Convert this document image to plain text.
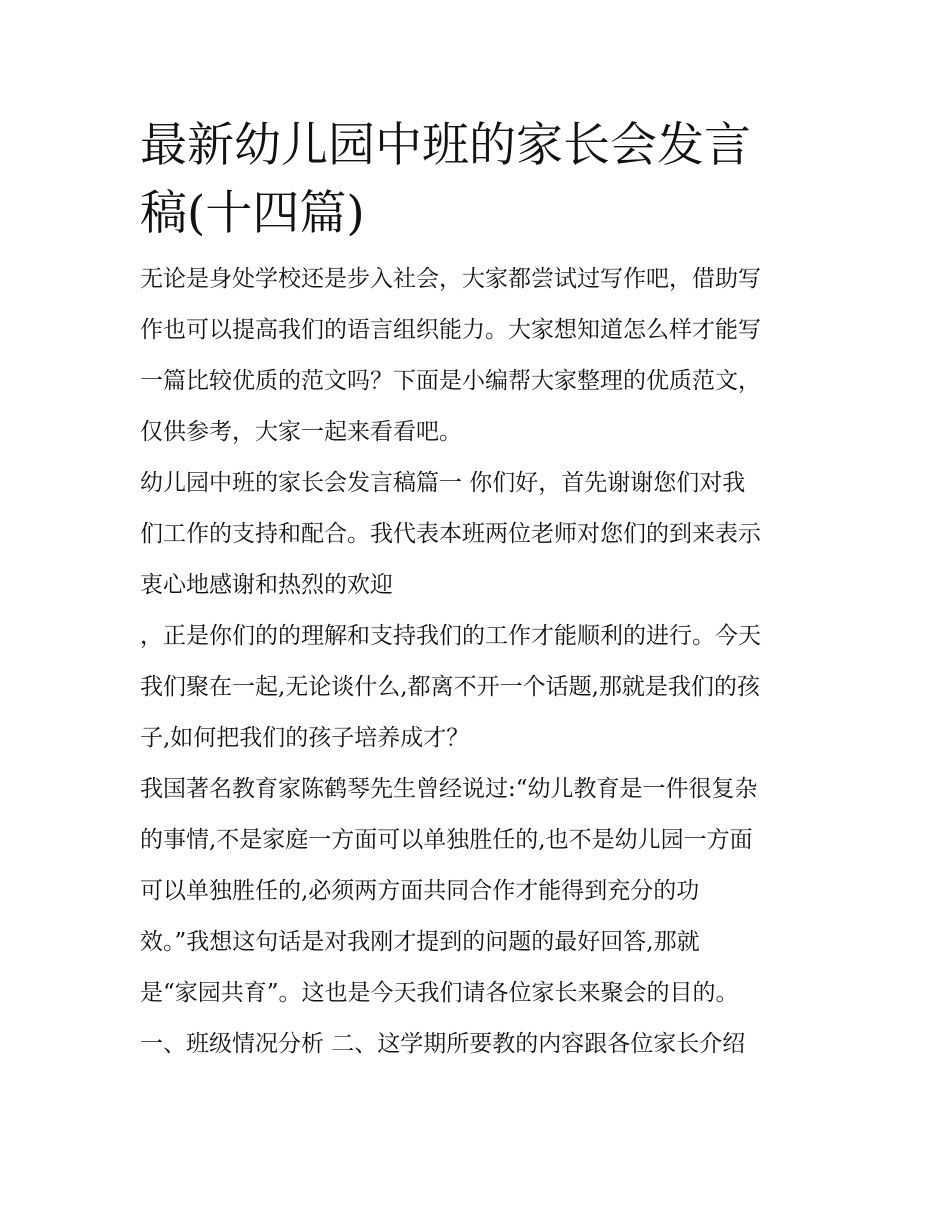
最新幼儿园中班的家长会发言
稿(十四篇)

无论是身处学校还是步入社会，大家都尝试过写作吧，借助写
作也可以提高我们的语言组织能力。大家想知道怎么样才能写
一篇比较优质的范文吗？下面是小编帮大家整理的优质范文，
仅供参考，大家一起来看看吧。

幼儿园中班的家长会发言稿篇一 你们好，首先谢谢您们对我
们工作的支持和配合。我代表本班两位老师对您们的到来表示
衷心地感谢和热烈的欢迎

，正是你们的的理解和支持我们的工作才能顺利的进行。今天
我们聚在一起,无论谈什么,都离不开一个话题,那就是我们的孩
子,如何把我们的孩子培养成才？

我国著名教育家陈鹤琴先生曾经说过:“幼儿教育是一件很复杂
的事情,不是家庭一方面可以单独胜任的,也不是幼儿园一方面
可以单独胜任的,必须两方面共同合作才能得到充分的功
效。”我想这句话是对我刚才提到的问题的最好回答,那就
是“家园共育”。这也是今天我们请各位家长来聚会的目的。

一、班级情况分析 二、这学期所要教的内容跟各位家长介绍
